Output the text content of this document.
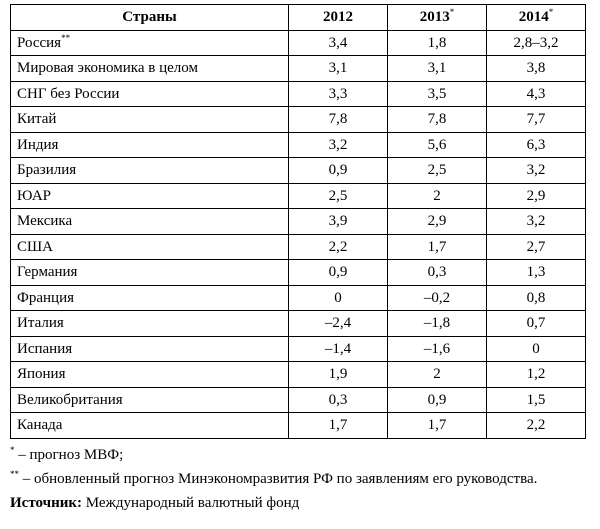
Страны	2012	2013*	2014*
Россия**	3,4	1,8	2,8–3,2
Мировая экономика в целом	3,1	3,1	3,8
СНГ без России	3,3	3,5	4,3
Китай	7,8	7,8	7,7
Индия	3,2	5,6	6,3
Бразилия	0,9	2,5	3,2
ЮАР	2,5	2	2,9
Мексика	3,9	2,9	3,2
США	2,2	1,7	2,7
Германия	0,9	0,3	1,3
Франция	0	–0,2	0,8
Италия	–2,4	–1,8	0,7
Испания	–1,4	–1,6	0
Япония	1,9	2	1,2
Великобритания	0,3	0,9	1,5
Канада	1,7	1,7	2,2
* – прогноз МВФ;
** – обновленный прогноз Минэкономразвития РФ по заявлениям его руководства.
Источник: Международный валютный фонд
